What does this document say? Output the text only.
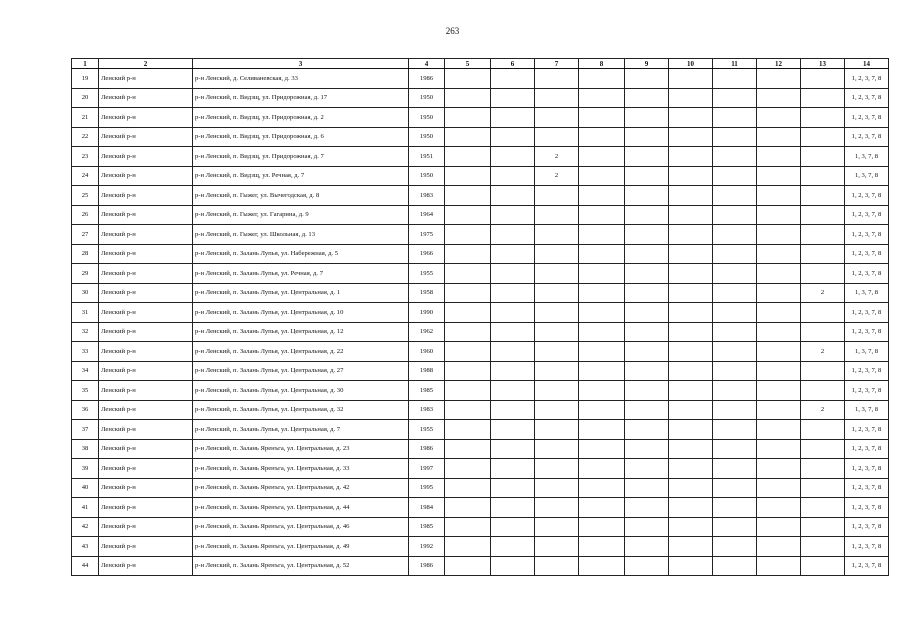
263
1	2	3	4	5	6	7	8	9	10	11	12	13	14
19	Ленский р-н	р-н Ленский, д. Селиваневская, д. 33	1986										1, 2, 3, 7, 8
20	Ленский р-н	р-н Ленский, п. Видзщ, ул. Придорожная, д. 17	1950										1, 2, 3, 7, 8
21	Ленский р-н	р-н Ленский, п. Видзщ, ул. Придорожная, д. 2	1950										1, 2, 3, 7, 8
22	Ленский р-н	р-н Ленский, п. Видзщ, ул. Придорожная, д. 6	1950										1, 2, 3, 7, 8
23	Ленский р-н	р-н Ленский, п. Видзщ, ул. Придорожная, д. 7	1951			2							1, 3, 7, 8
24	Ленский р-н	р-н Ленский, п. Видзщ, ул. Речная, д. 7	1950			2							1, 3, 7, 8
25	Ленский р-н	р-н Ленский, п. Гыжег, ул. Вычегодская, д. 8	1983										1, 2, 3, 7, 8
26	Ленский р-н	р-н Ленский, п. Гыжег, ул. Гагарина, д. 9	1964										1, 2, 3, 7, 8
27	Ленский р-н	р-н Ленский, п. Гыжег, ул. Школьная, д. 13	1975										1, 2, 3, 7, 8
28	Ленский р-н	р-н Ленский, п. Залань Лупья, ул. Набережная, д. 5	1966										1, 2, 3, 7, 8
29	Ленский р-н	р-н Ленский, п. Залань Лупья, ул. Речная, д. 7	1955										1, 2, 3, 7, 8
30	Ленский р-н	р-н Ленский, п. Залань Лупья, ул. Центральная, д. 1	1958									2	1, 3, 7, 8
31	Ленский р-н	р-н Ленский, п. Залань Лупья, ул. Центральная, д. 10	1990										1, 2, 3, 7, 8
32	Ленский р-н	р-н Ленский, п. Залань Лупья, ул. Центральная, д. 12	1962										1, 2, 3, 7, 8
33	Ленский р-н	р-н Ленский, п. Залань Лупья, ул. Центральная, д. 22	1960									2	1, 3, 7, 8
34	Ленский р-н	р-н Ленский, п. Залань Лупья, ул. Центральная, д. 27	1988										1, 2, 3, 7, 8
35	Ленский р-н	р-н Ленский, п. Залань Лупья, ул. Центральная, д. 30	1985										1, 2, 3, 7, 8
36	Ленский р-н	р-н Ленский, п. Залань Лупья, ул. Центральная, д. 32	1983									2	1, 3, 7, 8
37	Ленский р-н	р-н Ленский, п. Залань Лупья, ул. Центральная, д. 7	1955										1, 2, 3, 7, 8
38	Ленский р-н	р-н Ленский, п. Залань Яренъга, ул. Центральная, д. 23	1986										1, 2, 3, 7, 8
39	Ленский р-н	р-н Ленский, п. Залань Яренъга, ул. Центральная, д. 33	1997										1, 2, 3, 7, 8
40	Ленский р-н	р-н Ленский, п. Залань Яренъга, ул. Центральная, д. 42	1995										1, 2, 3, 7, 8
41	Ленский р-н	р-н Ленский, п. Залань Яренъга, ул. Центральная, д. 44	1984										1, 2, 3, 7, 8
42	Ленский р-н	р-н Ленский, п. Залань Яренъга, ул. Центральная, д. 46	1985										1, 2, 3, 7, 8
43	Ленский р-н	р-н Ленский, п. Залань Яренъга, ул. Центральная, д. 49	1992										1, 2, 3, 7, 8
44	Ленский р-н	р-н Ленский, п. Залань Яренъга, ул. Центральная, д. 52	1986										1, 2, 3, 7, 8
